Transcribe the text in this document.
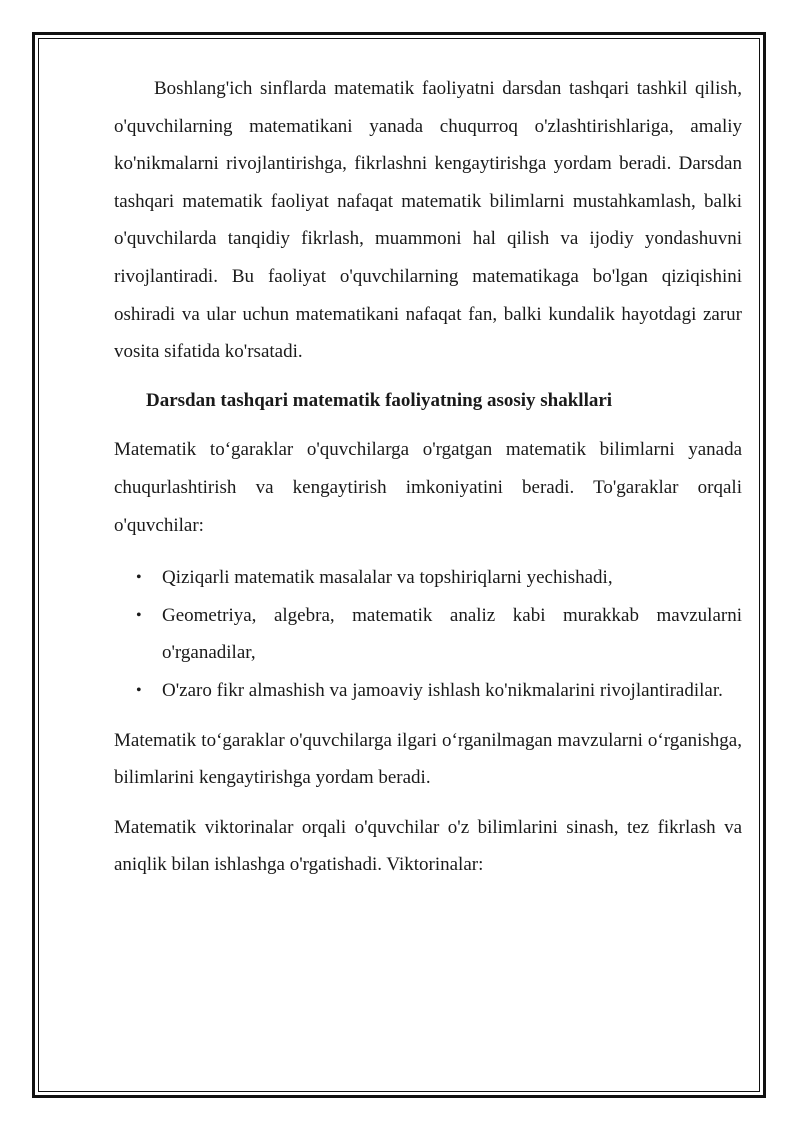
Boshlang'ich sinflarda matematik faoliyatni darsdan tashqari tashkil qilish, o'quvchilarning matematikani yanada chuqurroq o'zlashtirishlariga, amaliy ko'nikmalarni rivojlantirishga, fikrlashni kengaytirishga yordam beradi. Darsdan tashqari matematik faoliyat nafaqat matematik bilimlarni mustahkamlash, balki o'quvchilarda tanqidiy fikrlash, muammoni hal qilish va ijodiy yondashuvni rivojlantiradi. Bu faoliyat o'quvchilarning matematikaga bo'lgan qiziqishini oshiradi va ular uchun matematikani nafaqat fan, balki kundalik hayotdagi zarur vosita sifatida ko'rsatadi.

Darsdan tashqari matematik faoliyatning asosiy shakllari

Matematik to‘garaklar o'quvchilarga o'rgatgan matematik bilimlarni yanada chuqurlashtirish va kengaytirish imkoniyatini beradi. To'garaklar orqali o'quvchilar:

• Qiziqarli matematik masalalar va topshiriqlarni yechishadi,
• Geometriya, algebra, matematik analiz kabi murakkab mavzularni o'rganadilar,
• O'zaro fikr almashish va jamoaviy ishlash ko'nikmalarini rivojlantiradilar.

Matematik to‘garaklar o'quvchilarga ilgari o‘rganilmagan mavzularni o‘rganishga, bilimlarini kengaytirishga yordam beradi.

Matematik viktorinalar orqali o'quvchilar o'z bilimlarini sinash, tez fikrlash va aniqlik bilan ishlashga o'rgatishadi. Viktorinalar:
